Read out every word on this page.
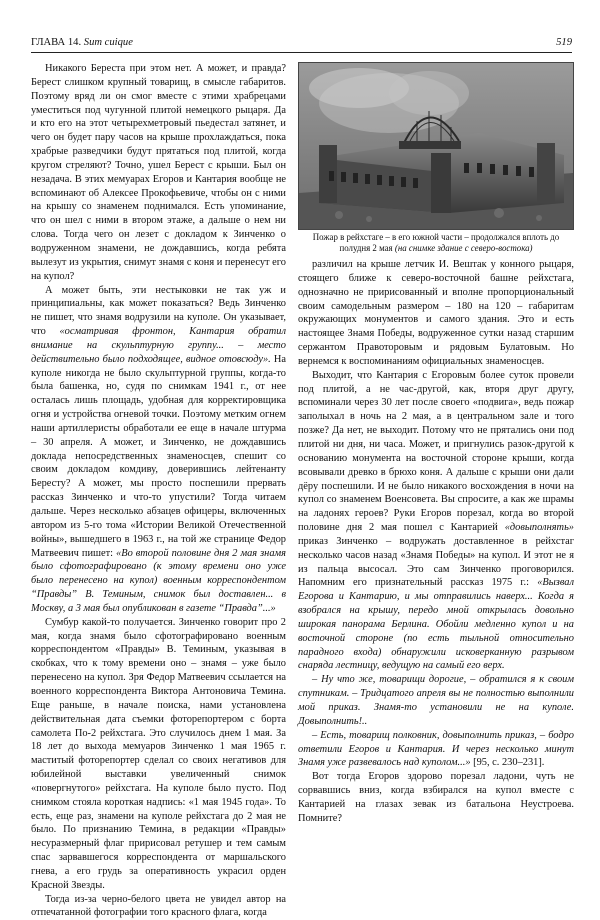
ГЛАВА 14. Sum cuique	519

Никакого Береста при этом нет. А может, и правда? Берест слишком крупный товарищ, в смысле габаритов. Поэтому вряд ли он смог вместе с этими храбрецами уместиться под чугунной плитой немецкого рыцаря. Да и кто его на этот четырехметровый пьедестал затянет, и чего он будет пару часов на крыше прохлаждаться, пока храбрые разведчики будут прятаться под плитой, когда кругом стреляют? Точно, ушел Берест с крыши. Был он незадача. В этих мемуарах Егоров и Кантария вообще не вспоминают об Алексее Прокофьевиче, чтобы он с ними на крышу со знаменем поднимался. Есть упоминание, что он шел с ними в втором этаже, а дальше о нем ни слова. Тогда чего он лезет с докладом к Зинченко о водруженном знамени, не дождавшись, когда ребята вылезут из укрытия, снимут знамя с коня и перенесут его на купол?

А может быть, эти нестыковки не так уж и принципиальны, как может показаться? Ведь Зинченко не пишет, что знамя водрузили на куполе. Он указывает, что «осматривая фронтон, Кантария обратил внимание на скульптурную группу... – место действительно было подходящее, видное отовсюду». На куполе никогда не было скульптурной группы, когда-то была башенка, но, судя по снимкам 1941 г., от нее осталась лишь площадь, удобная для корректировщика огня и устройства огневой точки. Поэтому метким огнем наши артиллеристы обработали ее еще в начале штурма – 30 апреля. А может, и Зинченко, не дождавшись доклада непосредственных знаменосцев, спешит со своим докладом комдиву, доверившись лейтенанту Бересту? А может, мы просто поспешили прервать рассказ Зинченко и что-то упустили? Тогда читаем дальше. Через несколько абзацев офицеры, включенных автором из 5-го тома «Истории Великой Отечественной войны», вышедшего в 1963 г., на той же странице Федор Матвеевич пишет: «Во второй половине дня 2 мая знамя было сфотографировано (к этому времени оно уже было перенесено на купол) военным корреспондентом “Правды” В. Теминым, снимок был доставлен... в Москву, а 3 мая был опубликован в газете “Правда”...»

Сумбур какой-то получается. Зинченко говорит про 2 мая, когда знамя было сфотографировано военным корреспондентом «Правды» В. Теминым, указывая в скобках, что к тому времени оно – знамя – уже было перенесено на купол. Зря Федор Матвеевич ссылается на военного корреспондента Виктора Антоновича Темина. Еще раньше, в начале поиска, нами установлена действительная дата съемки фоторепортером с борта самолета По-2 рейхстага. Это случилось днем 1 мая. За 18 лет до выхода мемуаров Зинченко 1 мая 1965 г. маститый фоторепортер сделал со своих негативов для юбилейной выставки увеличенный снимок «повергнутого» рейхстага. На куполе было пусто. Под снимком стояла короткая надпись: «1 мая 1945 года». То есть, еще раз, знамени на куполе рейхстага до 2 мая не было. По признанию Темина, в редакции «Правды» несуразмерный флаг пририсовал ретушер и тем самым спас зарвавшегося корреспондента от маршальского гнева, а его грудь за оперативность украсил орден Красной Звезды.

Тогда из-за черно-белого цвета не увидел автор на отпечатанной фотографии того красного флага, когда

Пожар в рейхстаге – в его южной части – продолжался вплоть до полудня 2 мая (на снимке здание с северо-востока)

различил на крыше летчик И. Вештак у конного рыцаря, стоящего ближе к северо-восточной башне рейхстага, однозначно не пририсованный и вполне пропорциональный своим самодельным размером – 180 на 120 – габаритам окружающих монументов и самого здания. Это и есть настоящее Знамя Победы, водруженное сутки назад старшим сержантом Правоторовым и рядовым Булатовым. Но вернемся к воспоминаниям официальных знаменосцев.

Выходит, что Кантария с Егоровым более суток провели под плитой, а не час-другой, как, вторя друг другу, вспоминали через 30 лет после своего «подвига», ведь пожар заполыхал в ночь на 2 мая, а в центральном зале и того позже? Да нет, не выходит. Потому что не прятались они под плитой ни дня, ни часа. Может, и пригнулись разок-другой к основанию монумента на восточной стороне крыши, когда всовывали древко в брюхо коня. А дальше с крыши они дали дёру поспешили. И не было никакого восхождения в ночи на купол со знаменем Военсовета. Вы спросите, а как же шрамы на ладонях героев? Руки Егоров порезал, когда во второй половине дня 2 мая пошел с Кантарией «довыполнять» приказ Зинченко – водружать доставленное в рейхстаг несколько часов назад «Знамя Победы» на купол. И этот не я из пальца высосал. Это сам Зинченко проговорился. Напомним его признательный рассказ 1975 г.: «Вызвал Егорова и Кантарию, и мы отправились наверх... Когда я взобрался на крышу, передо мной открылась довольно широкая панорама Берлина. Обойли медленно купол и на восточной стороне (по есть тыльной относительно парадного входа) обнаружили исковерканную разрывом снаряда лестницу, ведущую на самый его верх.

– Ну что же, товарищи дорогие, – обратился я к своим спутникам. – Тридцатого апреля вы не полностью выполнили мой приказ. Знамя-то установили не на куполе. Довыполнить!..

– Есть, товарищ полковник, довыполнить приказ, – бодро ответили Егоров и Кантария. И через несколько минут Знамя уже развевалось над куполом...» [95, с. 230–231].

Вот тогда Егоров здорово порезал ладони, чуть не сорвавшись вниз, когда взбирался на купол вместе с Кантарией на глазах зевак из батальона Неустроева. Помните?
